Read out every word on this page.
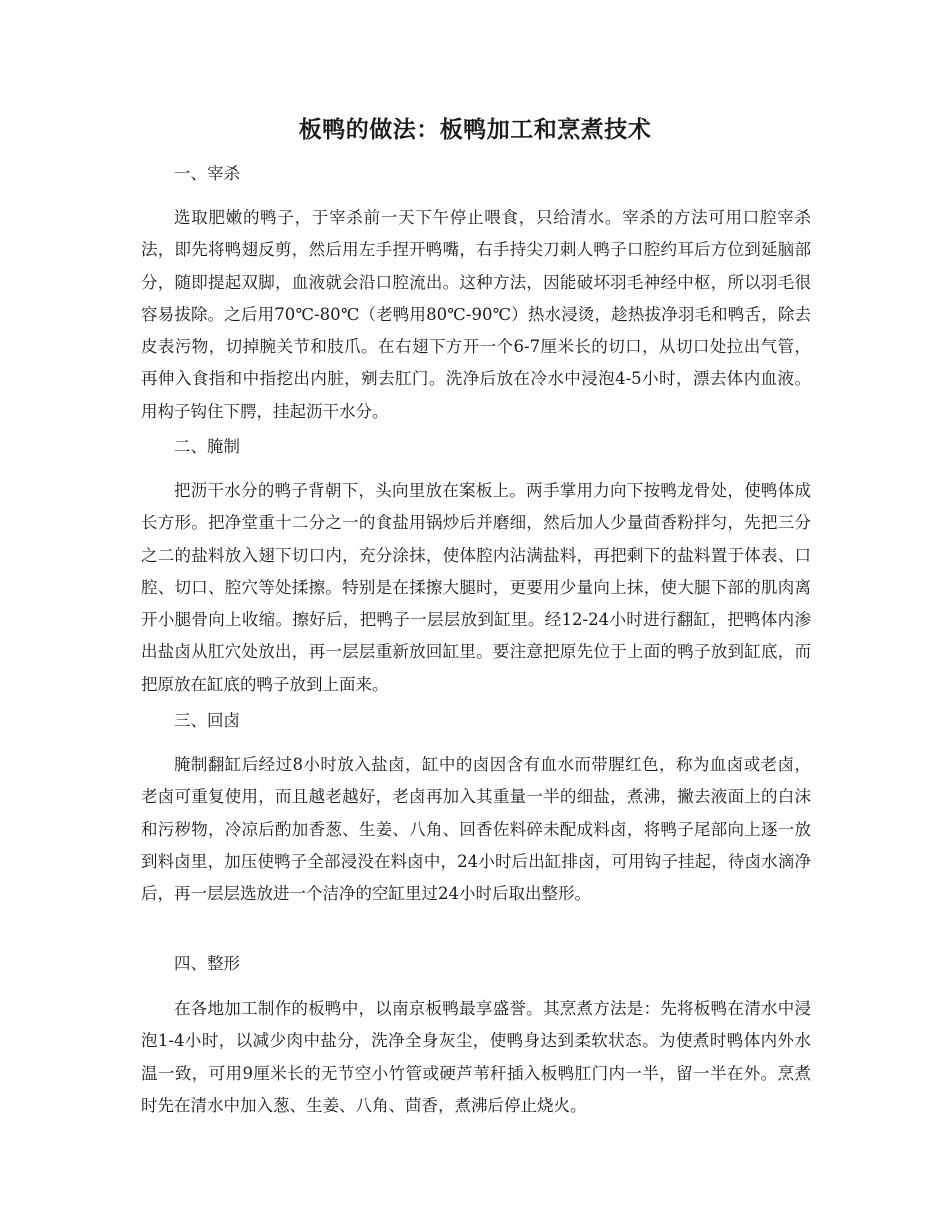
板鸭的做法：板鸭加工和烹煮技术
一、宰杀

选取肥嫩的鸭子，于宰杀前一天下午停止喂食，只给清水。宰杀的方法可用口腔宰杀法，即先将鸭翅反剪，然后用左手捏开鸭嘴，右手持尖刀刺人鸭子口腔约耳后方位到延脑部分，随即提起双脚，血液就会沿口腔流出。这种方法，因能破坏羽毛神经中枢，所以羽毛很容易拔除。之后用70℃-80℃（老鸭用80℃-90℃）热水浸烫，趁热拔净羽毛和鸭舌，除去皮表污物，切掉腕关节和肢爪。在右翅下方开一个6-7厘米长的切口，从切口处拉出气管，再伸入食指和中指挖出内脏，剜去肛门。洗净后放在冷水中浸泡4-5小时，漂去体内血液。用构子钩住下腭，挂起沥干水分。

二、腌制

把沥干水分的鸭子背朝下，头向里放在案板上。两手掌用力向下按鸭龙骨处，使鸭体成长方形。把净堂重十二分之一的食盐用锅炒后并磨细，然后加人少量茴香粉拌匀，先把三分之二的盐料放入翅下切口内，充分涂抹，使体腔内沾满盐料，再把剩下的盐料置于体表、口腔、切口、腔穴等处揉擦。特别是在揉擦大腿时，更要用少量向上抹，使大腿下部的肌肉离开小腿骨向上收缩。擦好后，把鸭子一层层放到缸里。经12-24小时进行翻缸，把鸭体内渗出盐卤从肛穴处放出，再一层层重新放回缸里。要注意把原先位于上面的鸭子放到缸底，而把原放在缸底的鸭子放到上面来。

三、回卤

腌制翻缸后经过8小时放入盐卤，缸中的卤因含有血水而带腥红色，称为血卤或老卤，老卤可重复使用，而且越老越好，老卤再加入其重量一半的细盐，煮沸，撇去液面上的白沫和污秽物，冷凉后酌加香葱、生姜、八角、回香佐料碎未配成料卤，将鸭子尾部向上逐一放到料卤里，加压使鸭子全部浸没在料卤中，24小时后出缸排卤，可用钩子挂起，待卤水滴净后，再一层层选放进一个洁净的空缸里过24小时后取出整形。

四、整形

在各地加工制作的板鸭中，以南京板鸭最享盛誉。其烹煮方法是：先将板鸭在清水中浸泡1-4小时，以减少肉中盐分，洗净全身灰尘，使鸭身达到柔软状态。为使煮时鸭体内外水温一致，可用9厘米长的无节空小竹管或硬芦苇秆插入板鸭肛门内一半，留一半在外。烹煮时先在清水中加入葱、生姜、八角、茴香，煮沸后停止烧火。
